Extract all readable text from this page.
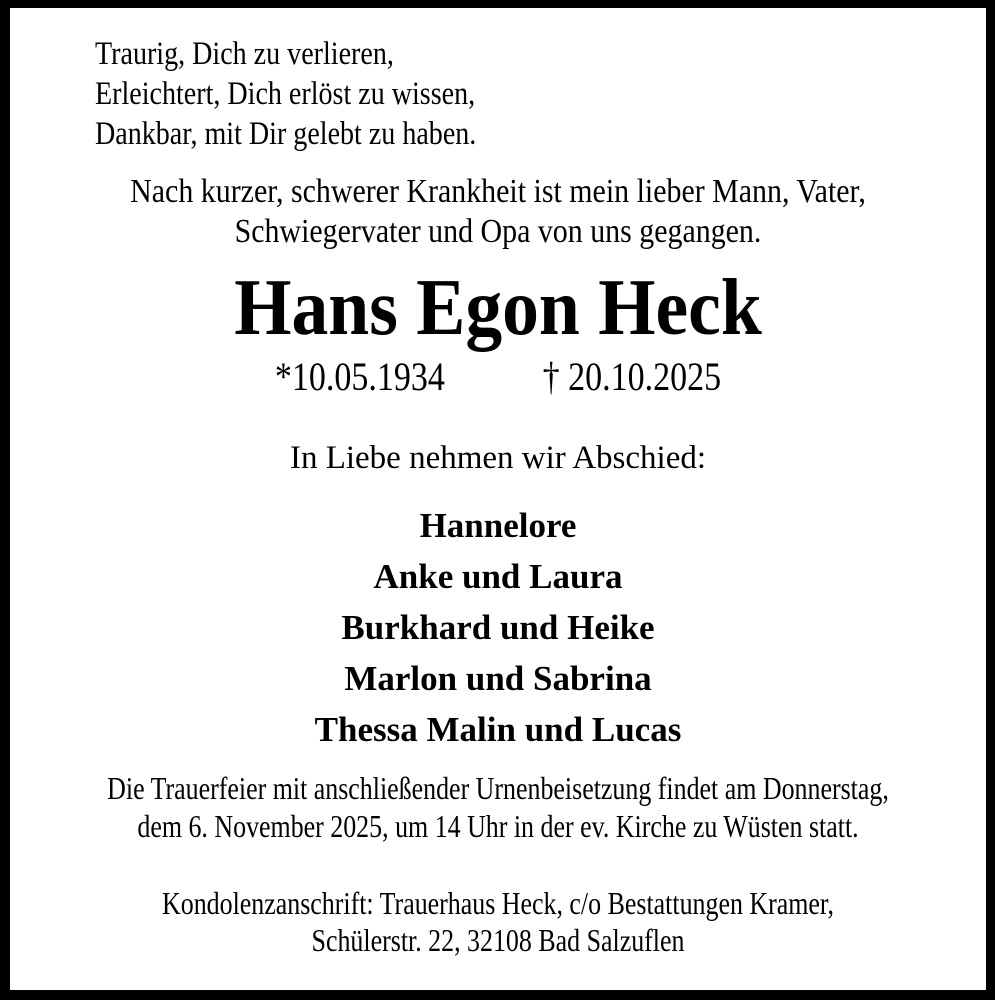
Traurig, Dich zu verlieren,
Erleichtert, Dich erlöst zu wissen,
Dankbar, mit Dir gelebt zu haben.
Nach kurzer, schwerer Krankheit ist mein lieber Mann, Vater,
Schwiegervater und Opa von uns gegangen.
Hans Egon Heck
*10.05.1934 † 20.10.2025
In Liebe nehmen wir Abschied:
Hannelore
Anke und Laura
Burkhard und Heike
Marlon und Sabrina
Thessa Malin und Lucas
Die Trauerfeier mit anschließender Urnenbeisetzung findet am Donnerstag,
dem 6. November 2025, um 14 Uhr in der ev. Kirche zu Wüsten statt.
Kondolenzanschrift: Trauerhaus Heck, c/o Bestattungen Kramer,
Schülerstr. 22, 32108 Bad Salzuflen
